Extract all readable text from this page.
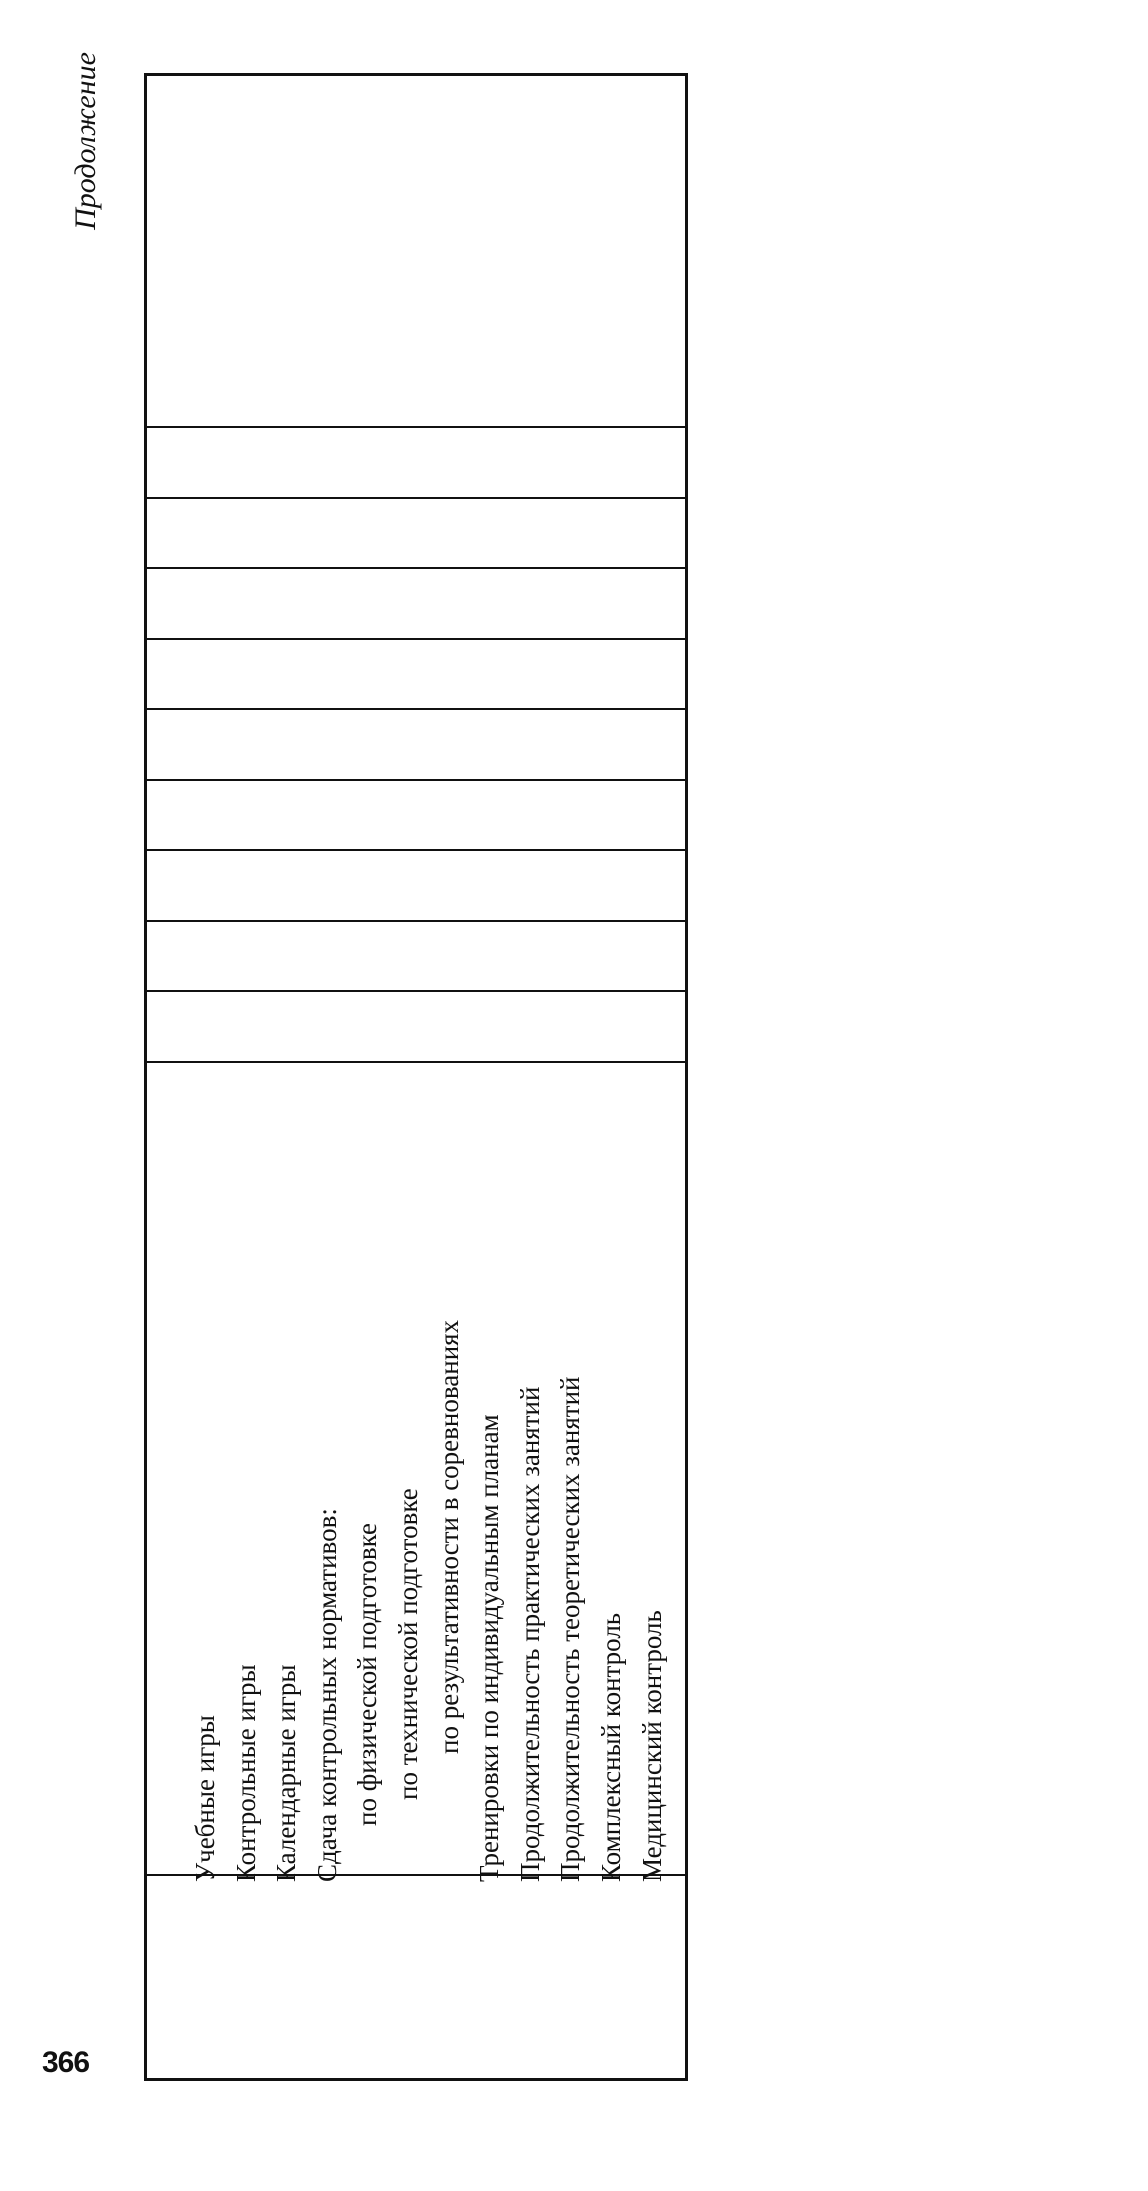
Продолжение
Учебные игры Контрольные игры Календарные игры Сдача контрольных нормативов: по физической подготовке по технической подготовке по результативности в соревнованиях Тренировки по индивидуальным планам Продолжительность практических занятий Продолжительность теоретических занятий Комплексный контроль Медицинский контроль
366
